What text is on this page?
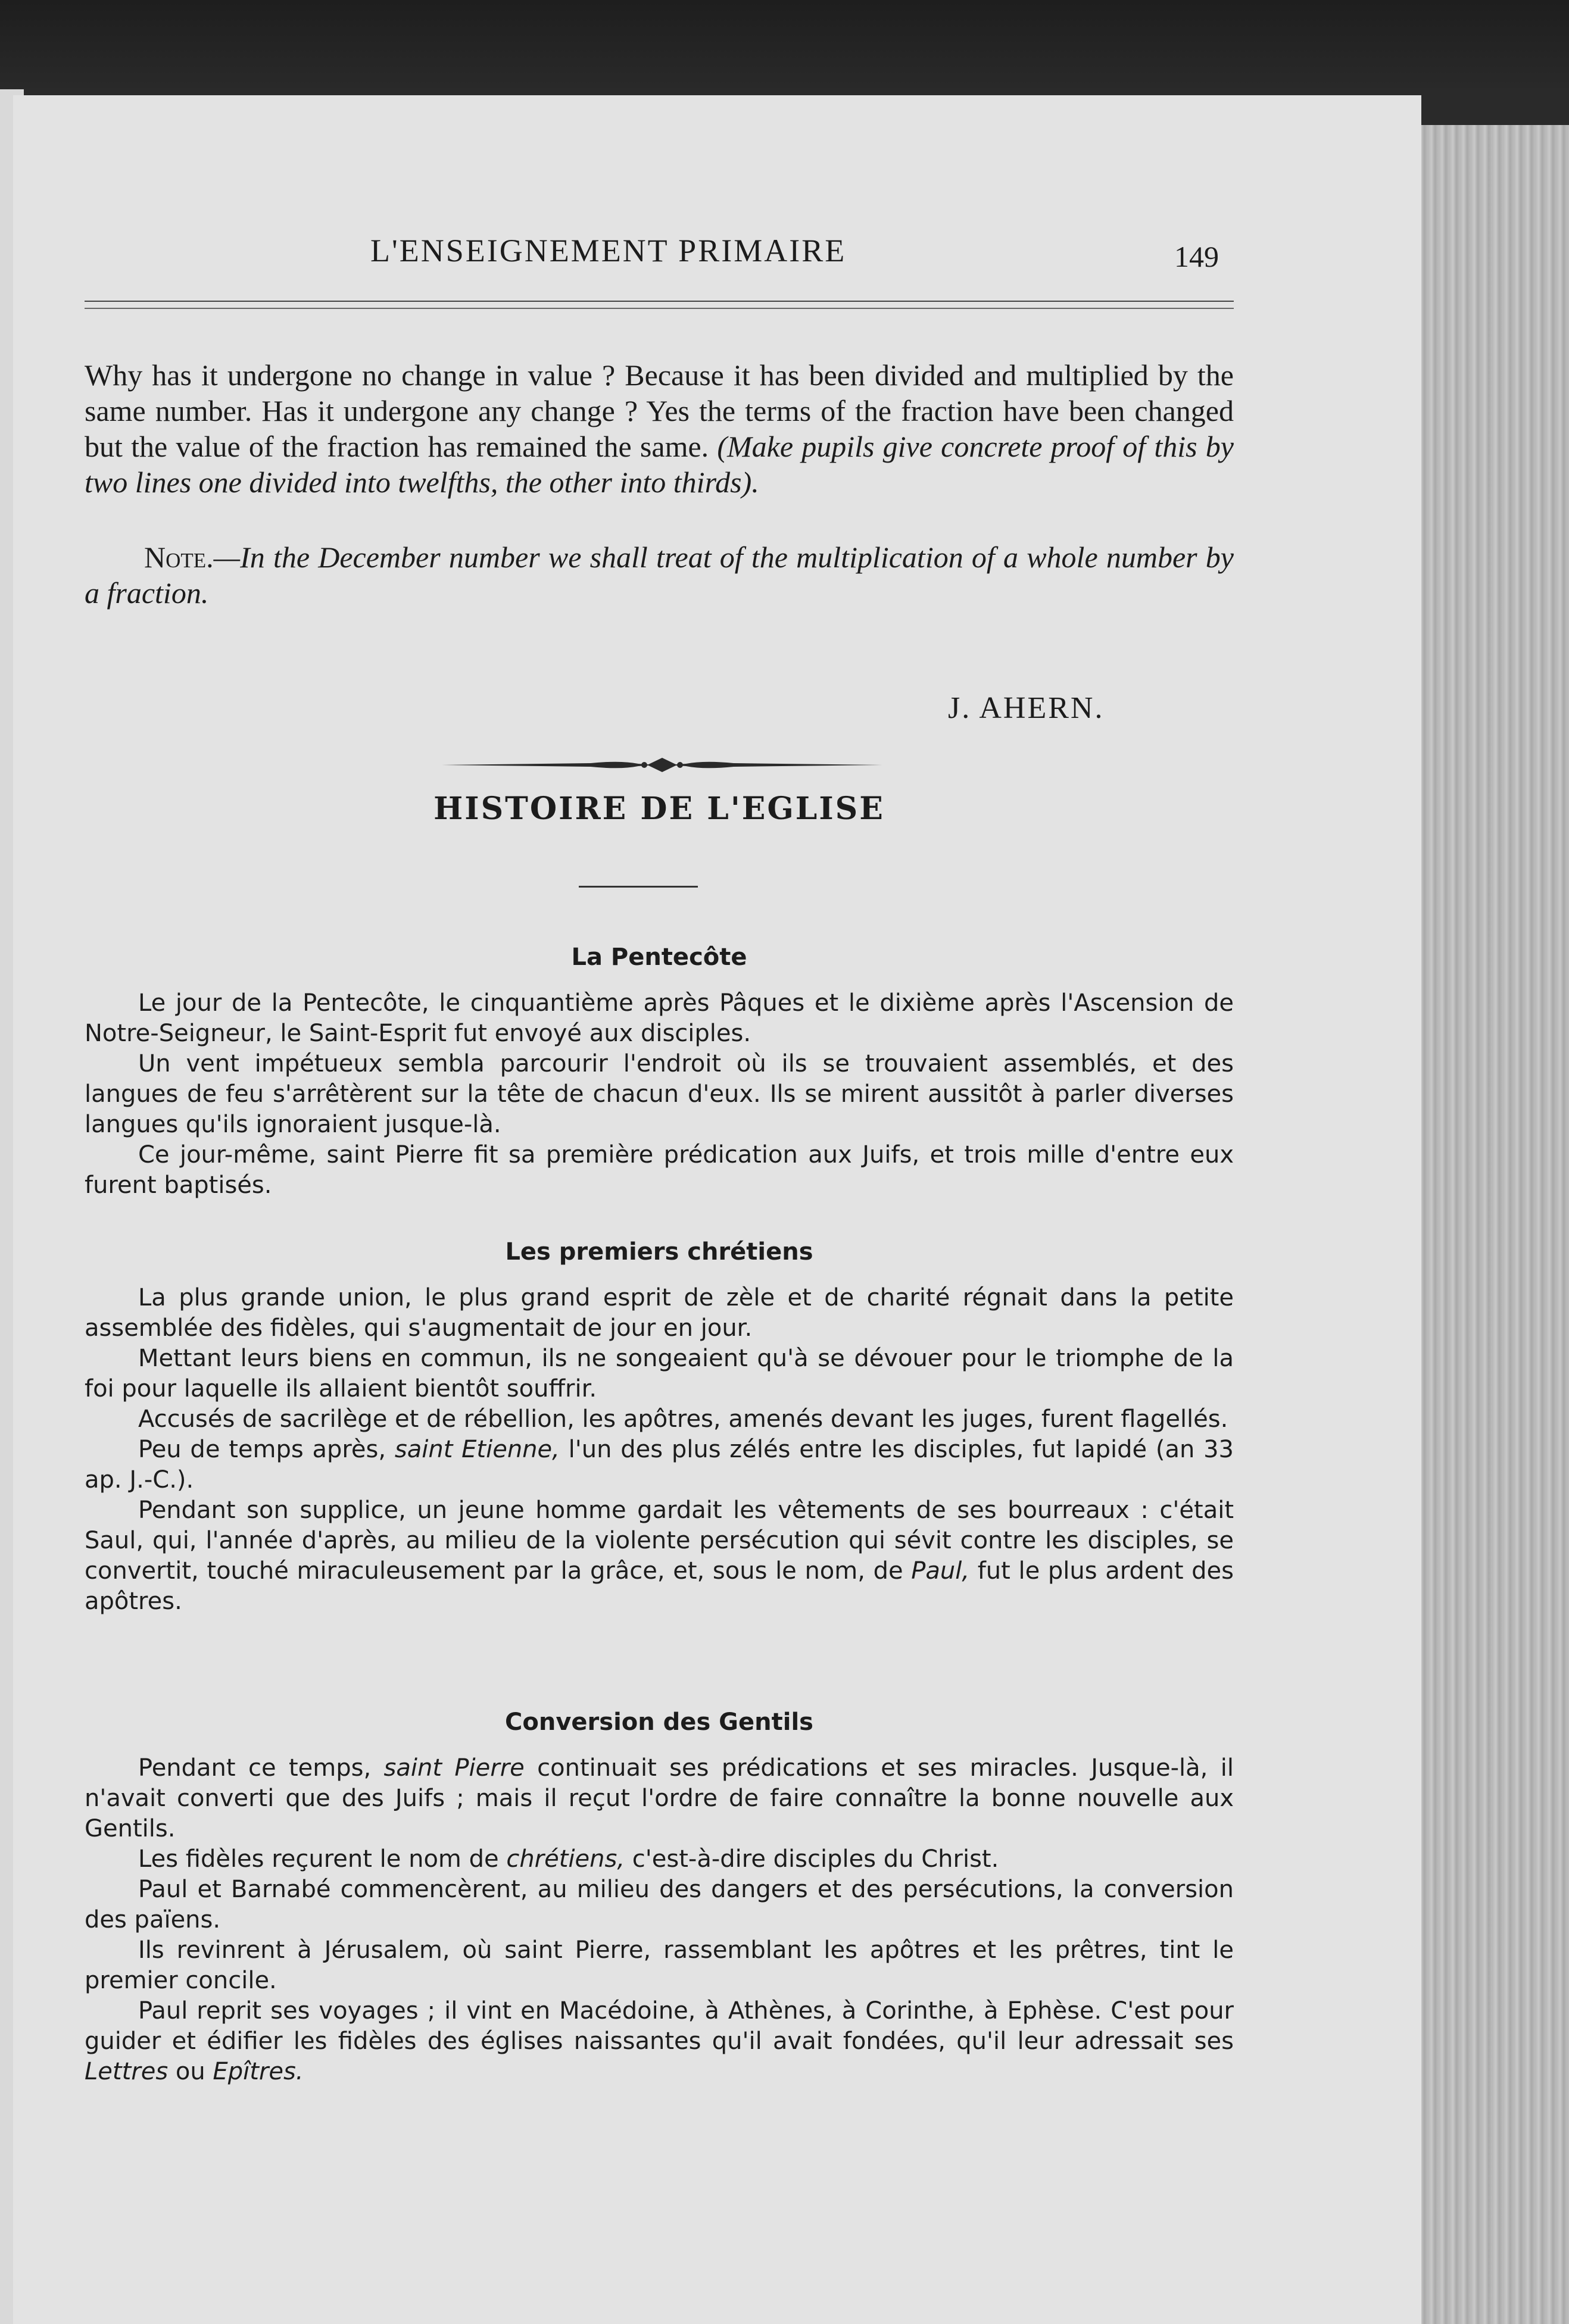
L'ENSEIGNEMENT PRIMAIRE	149
Why has it undergone no change in value ? Because it has been divided and multiplied by the same number. Has it undergone any change ? Yes the terms of the fraction have been changed but the value of the fraction has remained the same. (Make pupils give concrete proof of this by two lines one divided into twelfths, the other into thirds).
Note.—In the December number we shall treat of the multiplication of a whole number by a fraction.
J. AHERN.
HISTOIRE DE L'EGLISE
La Pentecôte

Le jour de la Pentecôte, le cinquantième après Pâques et le dixième après l'Ascension de Notre-Seigneur, le Saint-Esprit fut envoyé aux disciples.

Un vent impétueux sembla parcourir l'endroit où ils se trouvaient assemblés, et des langues de feu s'arrêtèrent sur la tête de chacun d'eux. Ils se mirent aussitôt à parler diverses langues qu'ils ignoraient jusque-là.

Ce jour-même, saint Pierre fit sa première prédication aux Juifs, et trois mille d'entre eux furent baptisés.

Les premiers chrétiens

La plus grande union, le plus grand esprit de zèle et de charité régnait dans la petite assemblée des fidèles, qui s'augmentait de jour en jour.

Mettant leurs biens en commun, ils ne songeaient qu'à se dévouer pour le triomphe de la foi pour laquelle ils allaient bientôt souffrir.

Accusés de sacrilège et de rébellion, les apôtres, amenés devant les juges, furent flagellés.

Peu de temps après, saint Etienne, l'un des plus zélés entre les disciples, fut lapidé (an 33 ap. J.-C.).

Pendant son supplice, un jeune homme gardait les vêtements de ses bourreaux : c'était Saul, qui, l'année d'après, au milieu de la violente persécution qui sévit contre les disciples, se convertit, touché miraculeusement par la grâce, et, sous le nom, de Paul, fut le plus ardent des apôtres.

Conversion des Gentils

Pendant ce temps, saint Pierre continuait ses prédications et ses miracles. Jusque-là, il n'avait converti que des Juifs ; mais il reçut l'ordre de faire connaître la bonne nouvelle aux Gentils.

Les fidèles reçurent le nom de chrétiens, c'est-à-dire disciples du Christ.

Paul et Barnabé commencèrent, au milieu des dangers et des persécutions, la conversion des païens.

Ils revinrent à Jérusalem, où saint Pierre, rassemblant les apôtres et les prêtres, tint le premier concile.

Paul reprit ses voyages ; il vint en Macédoine, à Athènes, à Corinthe, à Ephèse. C'est pour guider et édifier les fidèles des églises naissantes qu'il avait fondées, qu'il leur adressait ses Lettres ou Epîtres.
